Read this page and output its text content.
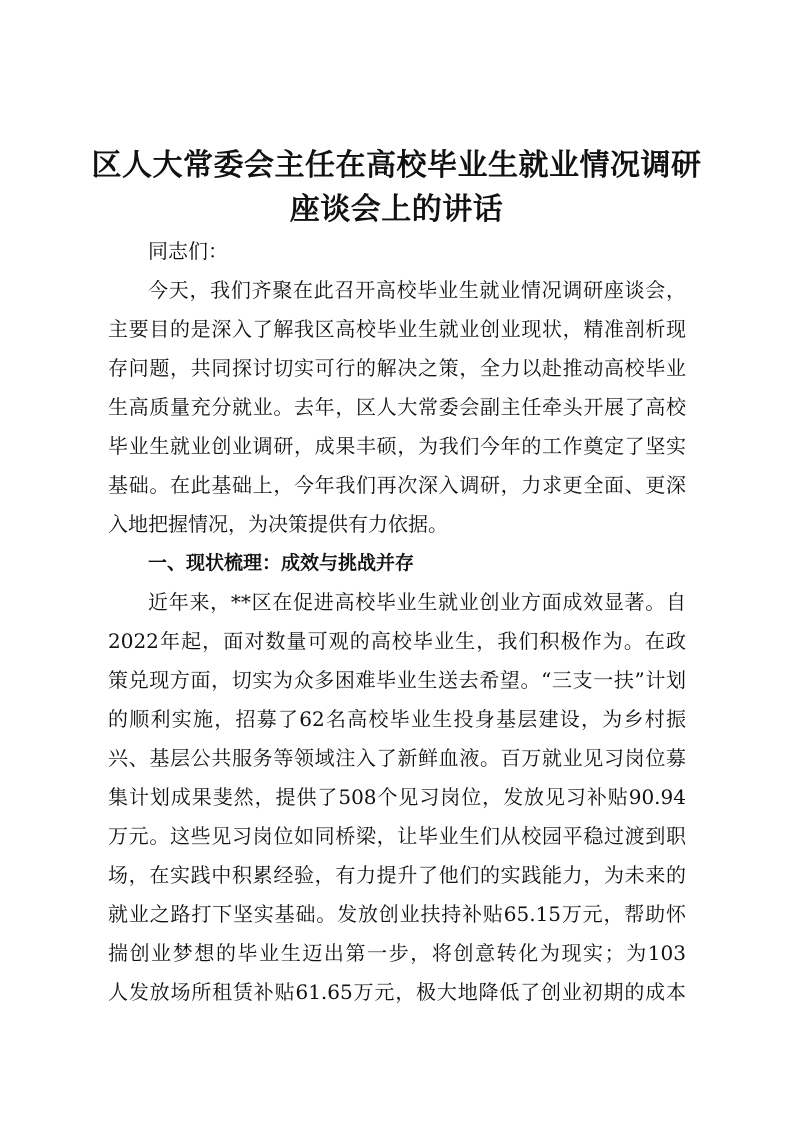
区人大常委会主任在高校毕业生就业情况调研
座谈会上的讲话
同志们：
今天，我们齐聚在此召开高校毕业生就业情况调研座谈会，
主要目的是深入了解我区高校毕业生就业创业现状，精准剖析现
存问题，共同探讨切实可行的解决之策，全力以赴推动高校毕业
生高质量充分就业。去年，区人大常委会副主任牵头开展了高校
毕业生就业创业调研，成果丰硕，为我们今年的工作奠定了坚实
基础。在此基础上，今年我们再次深入调研，力求更全面、更深
入地把握情况，为决策提供有力依据。
一、现状梳理：成效与挑战并存
近年来，**区在促进高校毕业生就业创业方面成效显著。自
2022年起，面对数量可观的高校毕业生，我们积极作为。在政
策兑现方面，切实为众多困难毕业生送去希望。“三支一扶”计划
的顺利实施，招募了62名高校毕业生投身基层建设，为乡村振
兴、基层公共服务等领域注入了新鲜血液。百万就业见习岗位募
集计划成果斐然，提供了508个见习岗位，发放见习补贴90.94
万元。这些见习岗位如同桥梁，让毕业生们从校园平稳过渡到职
场，在实践中积累经验，有力提升了他们的实践能力，为未来的
就业之路打下坚实基础。发放创业扶持补贴65.15万元，帮助怀
揣创业梦想的毕业生迈出第一步，将创意转化为现实；为103
人发放场所租赁补贴61.65万元，极大地降低了创业初期的成本
